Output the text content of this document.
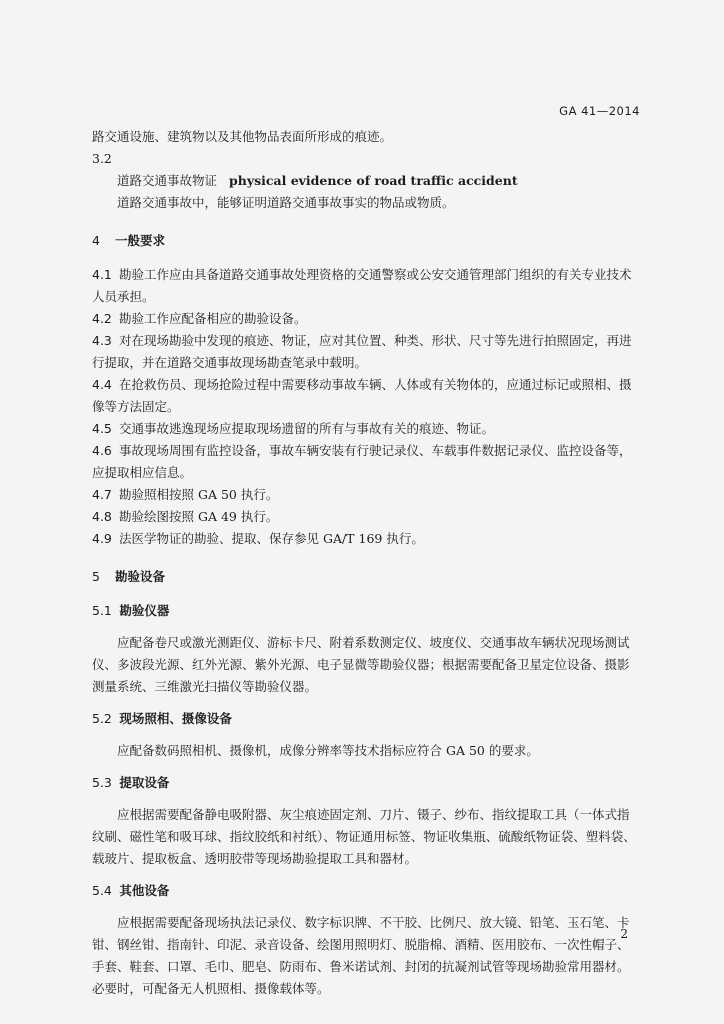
GA 41—2014

路交通设施、建筑物以及其他物品表面所形成的痕迹。

3.2

道路交通事故物证 physical evidence of road traffic accident

道路交通事故中，能够证明道路交通事故事实的物品或物质。

4 一般要求

4.1 勘验工作应由具备道路交通事故处理资格的交通警察或公安交通管理部门组织的有关专业技术人员承担。

4.2 勘验工作应配备相应的勘验设备。

4.3 对在现场勘验中发现的痕迹、物证，应对其位置、种类、形状、尺寸等先进行拍照固定，再进行提取，并在道路交通事故现场勘查笔录中载明。

4.4 在抢救伤员、现场抢险过程中需要移动事故车辆、人体或有关物体的，应通过标记或照相、摄像等方法固定。

4.5 交通事故逃逸现场应提取现场遗留的所有与事故有关的痕迹、物证。

4.6 事故现场周围有监控设备，事故车辆安装有行驶记录仪、车载事件数据记录仪、监控设备等，应提取相应信息。

4.7 勘验照相按照 GA 50 执行。

4.8 勘验绘图按照 GA 49 执行。

4.9 法医学物证的勘验、提取、保存参见 GA/T 169 执行。

5 勘验设备
5.1 勘验仪器

应配备卷尺或激光测距仪、游标卡尺、附着系数测定仪、坡度仪、交通事故车辆状况现场测试仪、多波段光源、红外光源、紫外光源、电子显微等勘验仪器；根据需要配备卫星定位设备、摄影测量系统、三维激光扫描仪等勘验仪器。

5.2 现场照相、摄像设备

应配备数码照相机、摄像机，成像分辨率等技术指标应符合 GA 50 的要求。

5.3 提取设备

应根据需要配备静电吸附器、灰尘痕迹固定剂、刀片、镊子、纱布、指纹提取工具（一体式指纹刷、磁性笔和吸耳球、指纹胶纸和衬纸）、物证通用标签、物证收集瓶、硫酸纸物证袋、塑料袋、载玻片、提取板盒、透明胶带等现场勘验提取工具和器材。

5.4 其他设备

应根据需要配备现场执法记录仪、数字标识牌、不干胶、比例尺、放大镜、铅笔、玉石笔、卡钳、钢丝钳、指南针、印泥、录音设备、绘图用照明灯、脱脂棉、酒精、医用胶布、一次性帽子、手套、鞋套、口罩、毛巾、肥皂、防雨布、鲁米诺试剂、封闭的抗凝剂试管等现场勘验常用器材。必要时，可配备无人机照相、摄像载体等。

2
